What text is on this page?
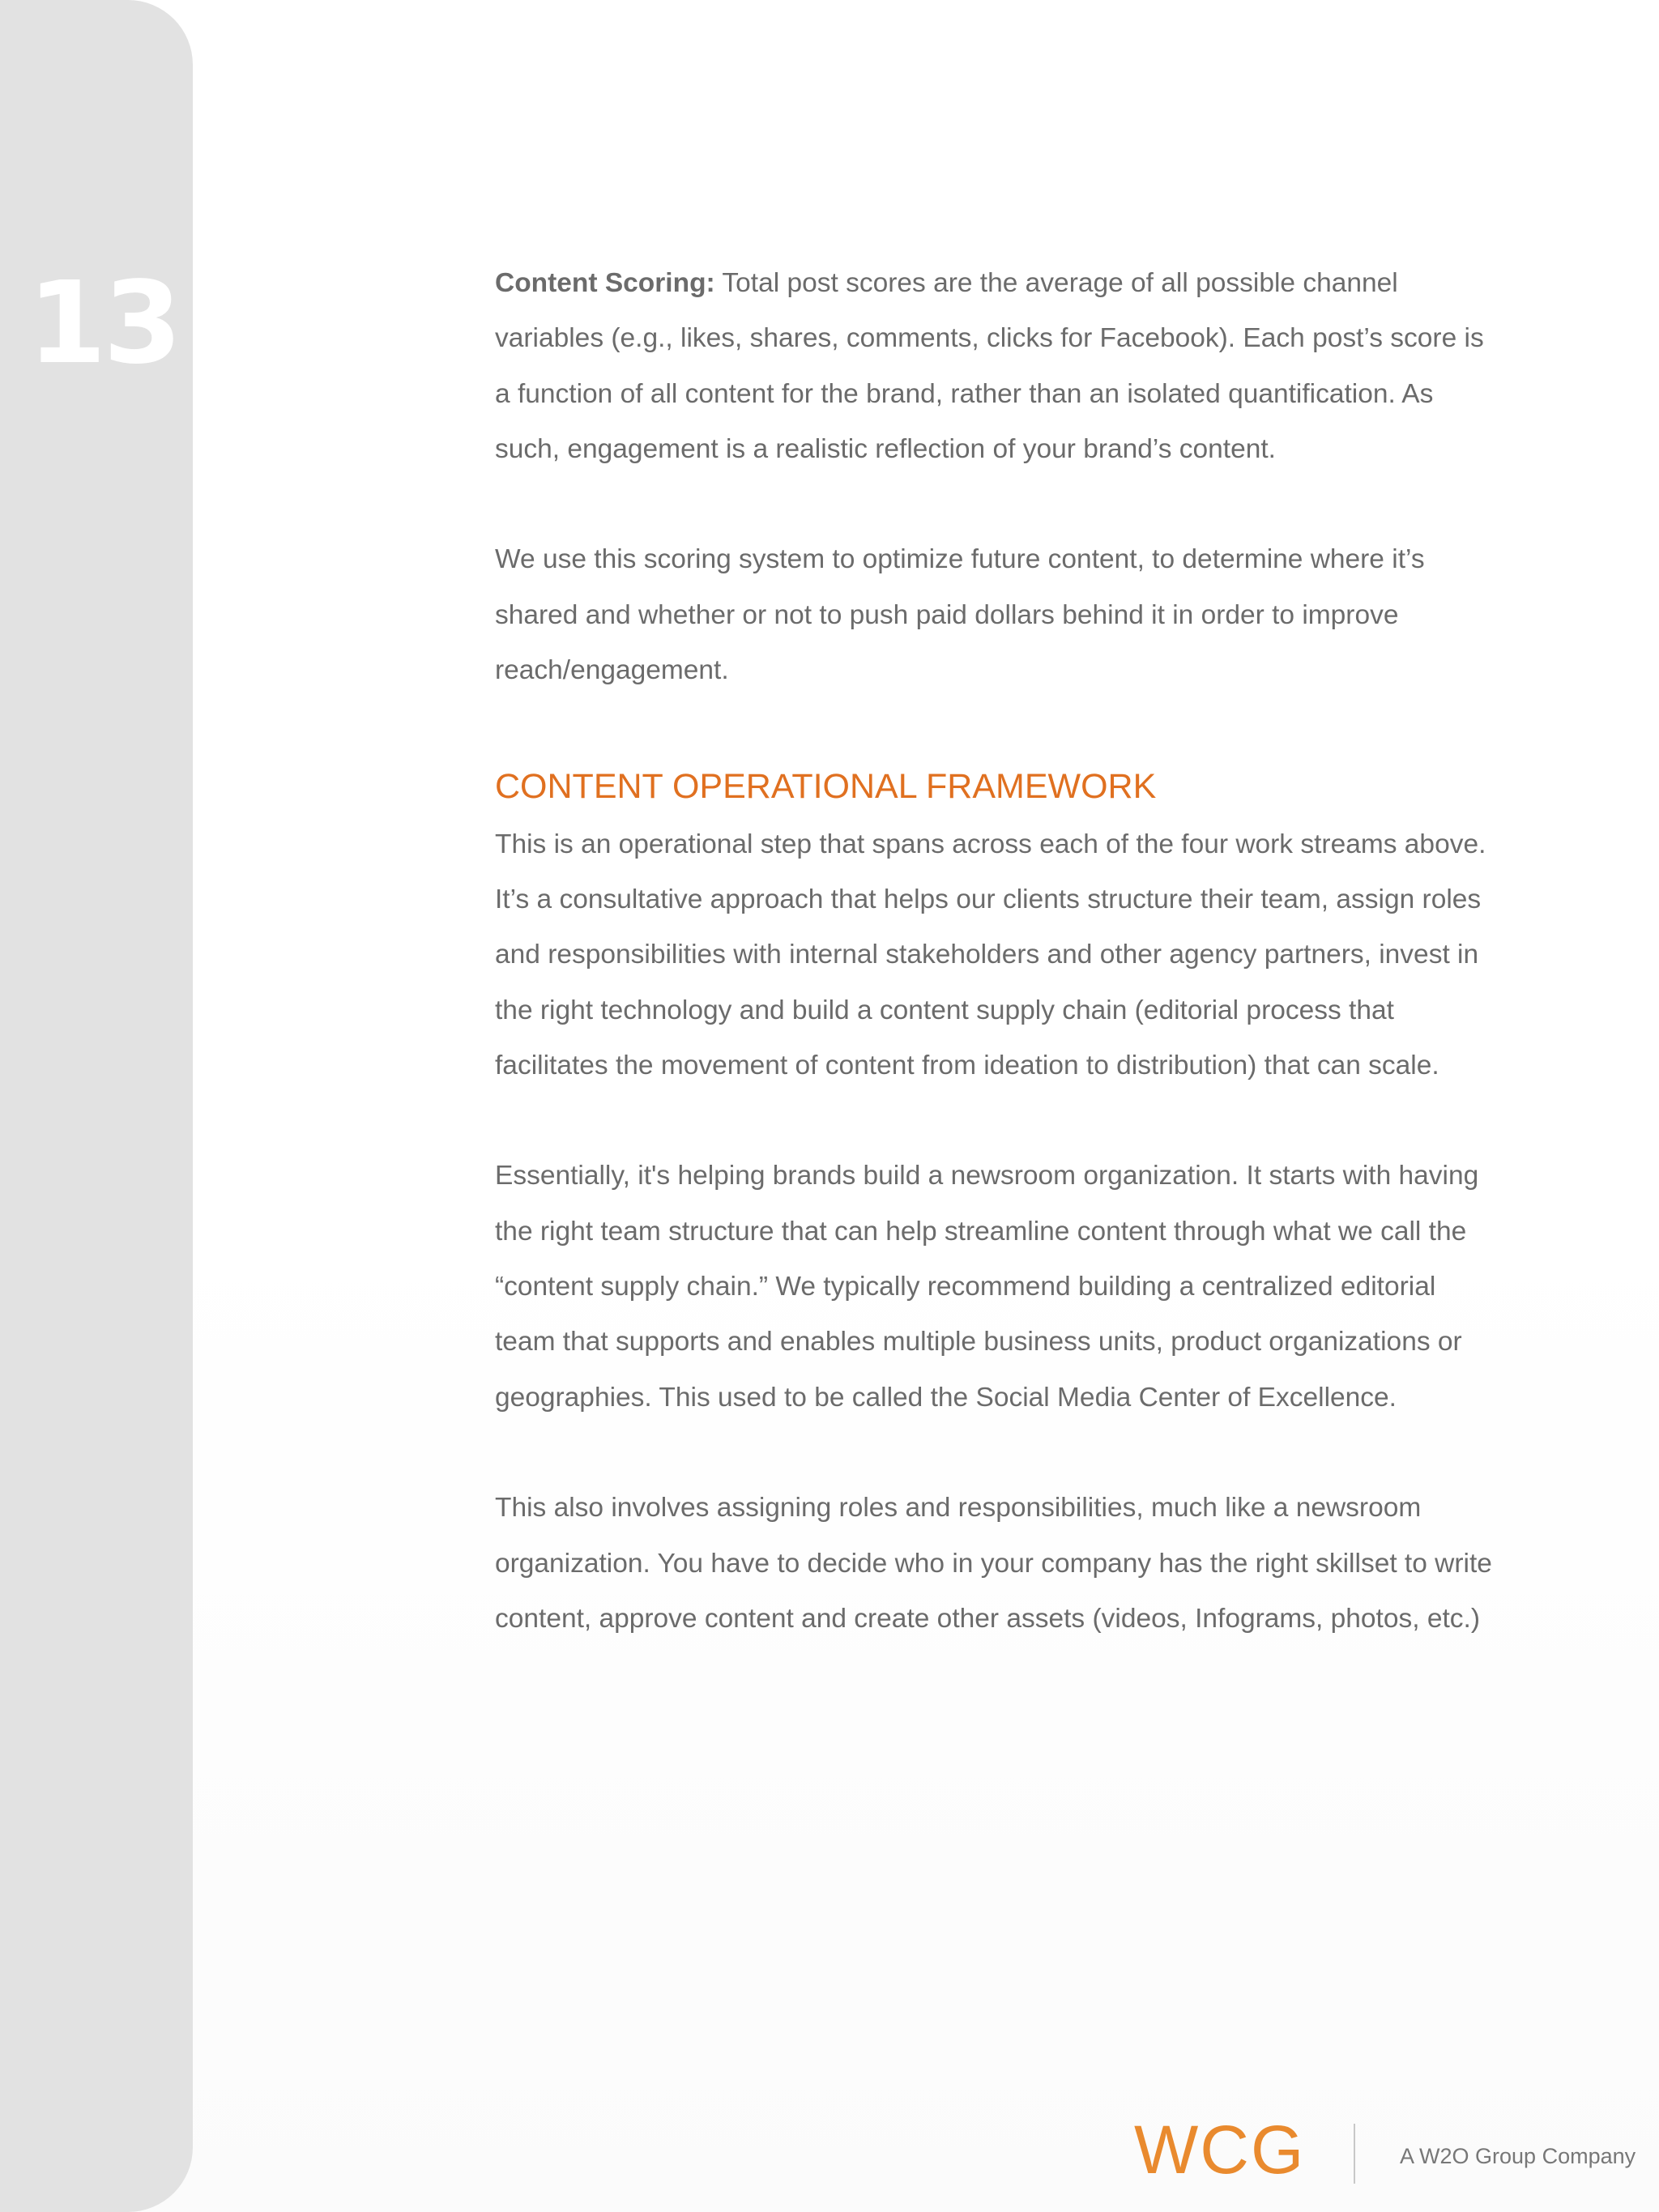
13	Content Scoring: Total post scores are the average of all possible channel variables (e.g., likes, shares, comments, clicks for Facebook). Each post’s score is a function of all content for the brand, rather than an isolated quantification. As such, engagement is a realistic reflection of your brand’s content.

We use this scoring system to optimize future content, to determine where it’s shared and whether or not to push paid dollars behind it in order to improve reach/engagement.

CONTENT OPERATIONAL FRAMEWORK

This is an operational step that spans across each of the four work streams above. It’s a consultative approach that helps our clients structure their team, assign roles and responsibilities with internal stakeholders and other agency partners, invest in the right technology and build a content supply chain (editorial process that facilitates the movement of content from ideation to distribution) that can scale.

Essentially, it's helping brands build a newsroom organization. It starts with having the right team structure that can help streamline content through what we call the “content supply chain.” We typically recommend building a centralized editorial team that supports and enables multiple business units, product organizations or geographies. This used to be called the Social Media Center of Excellence.

This also involves assigning roles and responsibilities, much like a newsroom organization. You have to decide who in your company has the right skillset to write content, approve content and create other assets (videos, Infograms, photos, etc.)

WCG	A W2O Group Company
